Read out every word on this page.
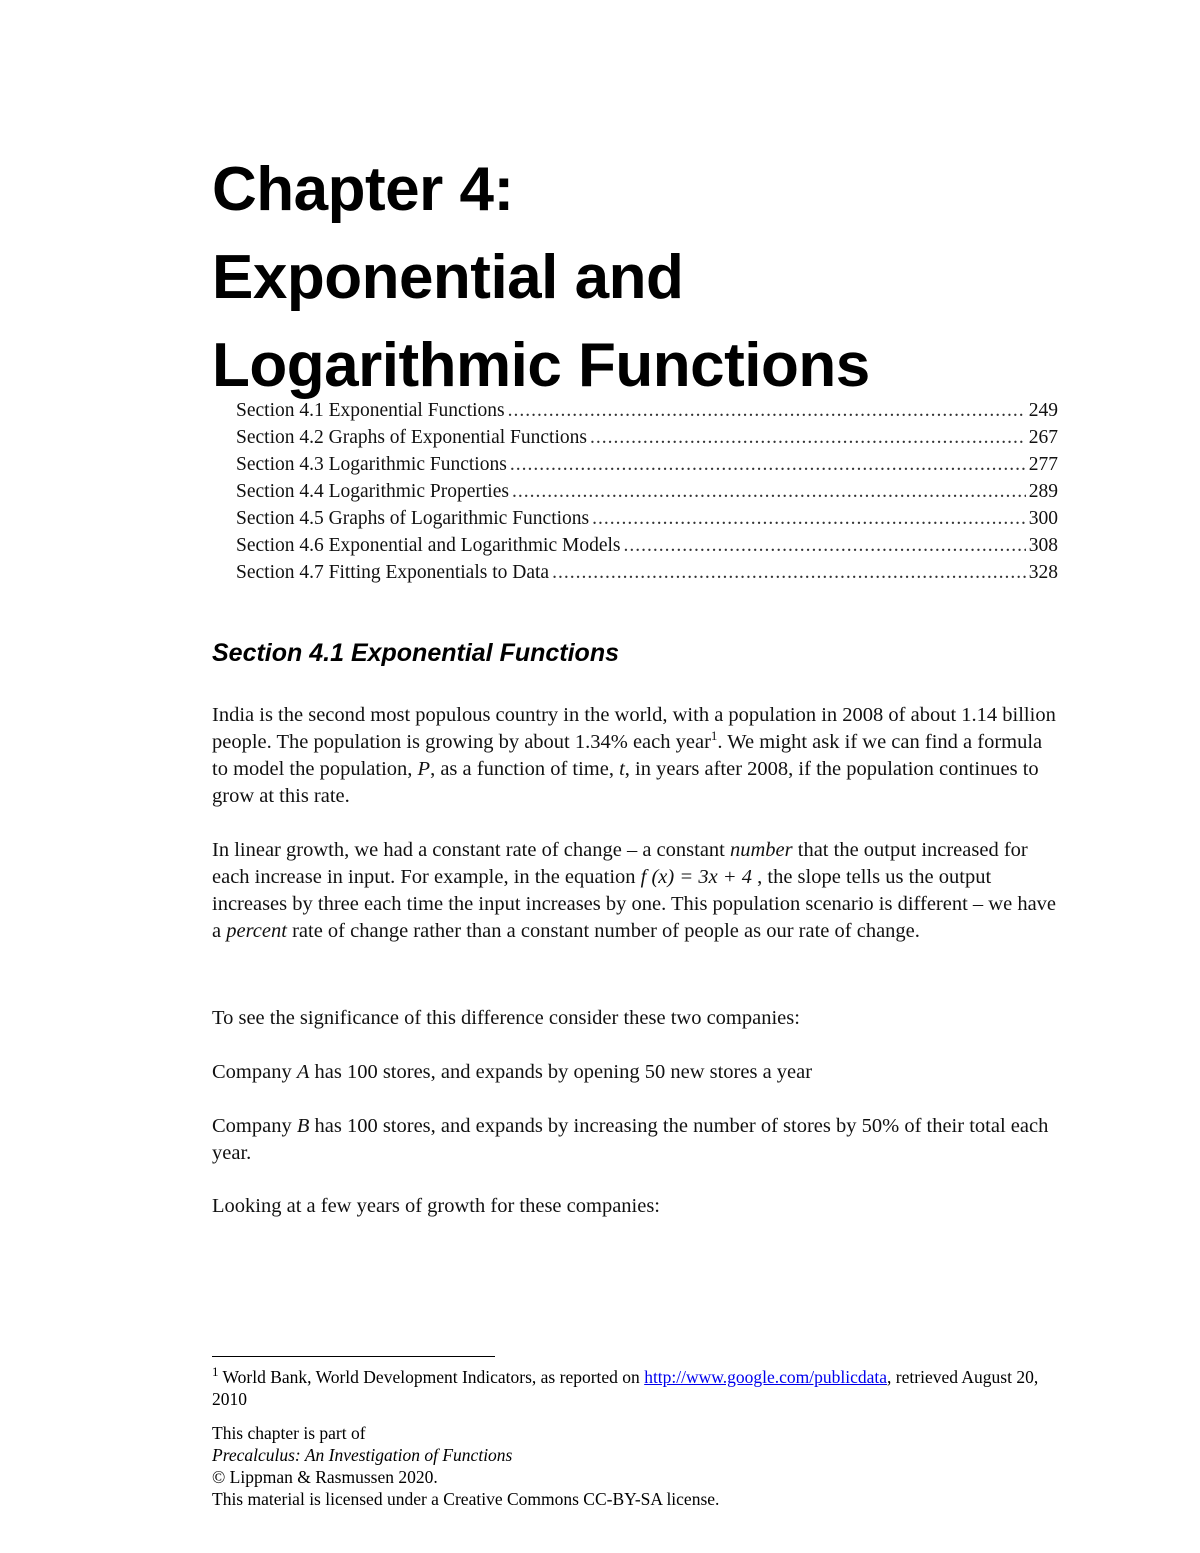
Chapter 4:
Exponential and
Logarithmic Functions
Section 4.1 Exponential Functions .....	249
Section 4.2 Graphs of Exponential Functions .....	267
Section 4.3 Logarithmic Functions .....	277
Section 4.4 Logarithmic Properties .....	289
Section 4.5 Graphs of Logarithmic Functions .....	300
Section 4.6 Exponential and Logarithmic Models .....	308
Section 4.7 Fitting Exponentials to Data .....	328
Section 4.1 Exponential Functions

India is the second most populous country in the world, with a population in 2008 of about 1.14 billion people. The population is growing by about 1.34% each year$^1$. We might ask if we can find a formula to model the population, P, as a function of time, t, in years after 2008, if the population continues to grow at this rate.

In linear growth, we had a constant rate of change – a constant number that the output increased for each increase in input. For example, in the equation f (x) = 3x + 4 , the slope tells us the output increases by three each time the input increases by one. This population scenario is different – we have a percent rate of change rather than a constant number of people as our rate of change.

To see the significance of this difference consider these two companies:

Company A has 100 stores, and expands by opening 50 new stores a year

Company B has 100 stores, and expands by increasing the number of stores by 50% of their total each year.

Looking at a few years of growth for these companies:

$^1$ World Bank, World Development Indicators, as reported on http://www.google.com/publicdata, retrieved August 20, 2010

This chapter is part of
Precalculus: An Investigation of Functions
© Lippman & Rasmussen 2020.
This material is licensed under a Creative Commons CC-BY-SA license.
